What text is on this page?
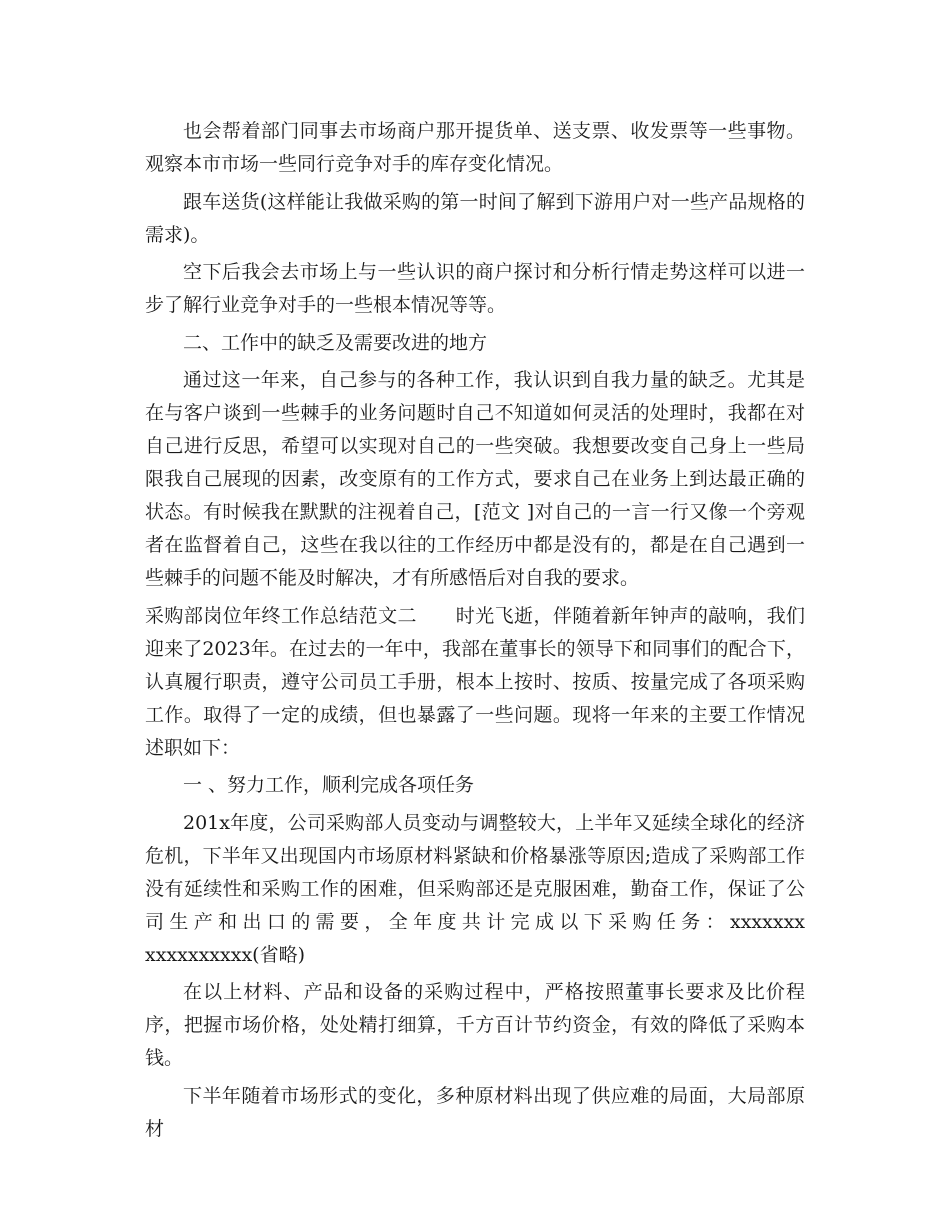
也会帮着部门同事去市场商户那开提货单、送支票、收发票等一些事物。观察本市市场一些同行竞争对手的库存变化情况。

跟车送货(这样能让我做采购的第一时间了解到下游用户对一些产品规格的需求)。

空下后我会去市场上与一些认识的商户探讨和分析行情走势这样可以进一步了解行业竞争对手的一些根本情况等等。

二、工作中的缺乏及需要改进的地方

通过这一年来，自己参与的各种工作，我认识到自我力量的缺乏。尤其是在与客户谈到一些棘手的业务问题时自己不知道如何灵活的处理时，我都在对自己进行反思，希望可以实现对自己的一些突破。我想要改变自己身上一些局限我自己展现的因素，改变原有的工作方式，要求自己在业务上到达最正确的状态。有时候我在默默的注视着自己，[范文 ]对自己的一言一行又像一个旁观者在监督着自己，这些在我以往的工作经历中都是没有的，都是在自己遇到一些棘手的问题不能及时解决，才有所感悟后对自我的要求。

采购部岗位年终工作总结范文二　　时光飞逝，伴随着新年钟声的敲响，我们迎来了2023年。在过去的一年中，我部在董事长的领导下和同事们的配合下，认真履行职责，遵守公司员工手册，根本上按时、按质、按量完成了各项采购工作。取得了一定的成绩，但也暴露了一些问题。现将一年来的主要工作情况述职如下：

一 、努力工作，顺利完成各项任务

201x年度，公司采购部人员变动与调整较大，上半年又延续全球化的经济危机，下半年又出现国内市场原材料紧缺和价格暴涨等原因;造成了采购部工作没有延续性和采购工作的困难，但采购部还是克服困难，勤奋工作，保证了公司生产和出口的需要，全年度共计完成以下采购任务：xxxxxxx xxxxxxxxxx(省略)

在以上材料、产品和设备的采购过程中，严格按照董事长要求及比价程序，把握市场价格，处处精打细算，千方百计节约资金，有效的降低了采购本钱。

下半年随着市场形式的变化，多种原材料出现了供应难的局面，大局部原材
